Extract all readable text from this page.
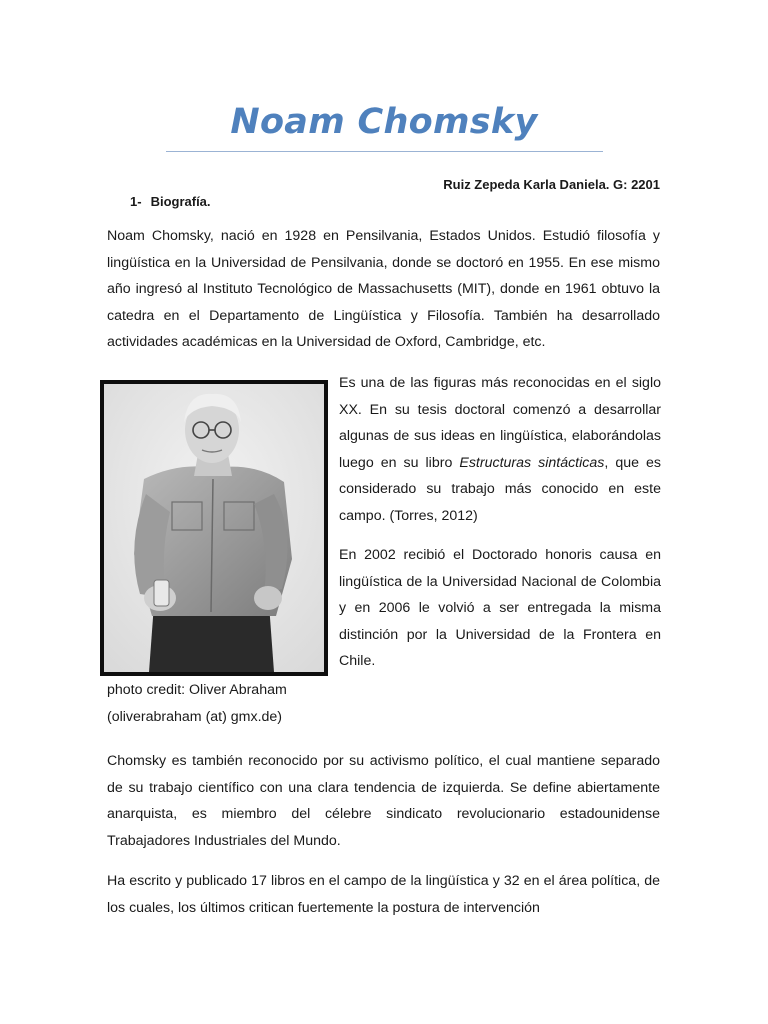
Noam Chomsky
Ruiz Zepeda Karla Daniela. G: 2201
1- Biografía.

Noam Chomsky, nació en 1928 en Pensilvania, Estados Unidos. Estudió filosofía y lingüística en la Universidad de Pensilvania, donde se doctoró en 1955. En ese mismo año ingresó al Instituto Tecnológico de Massachusetts (MIT), donde en 1961 obtuvo la catedra en el Departamento de Lingüística y Filosofía. También ha desarrollado actividades académicas en la Universidad de Oxford, Cambridge, etc.

Es una de las figuras más reconocidas en el siglo XX. En su tesis doctoral comenzó a desarrollar algunas de sus ideas en lingüística, elaborándolas luego en su libro Estructuras sintácticas, que es considerado su trabajo más conocido en este campo. (Torres, 2012)

En 2002 recibió el Doctorado honoris causa en lingüística de la Universidad Nacional de Colombia y en 2006 le volvió a ser entregada la misma distinción por la Universidad de la Frontera en Chile.

photo credit: Oliver Abraham
(oliverabraham (at) gmx.de)

Chomsky es también reconocido por su activismo político, el cual mantiene separado de su trabajo científico con una clara tendencia de izquierda. Se define abiertamente anarquista, es miembro del célebre sindicato revolucionario estadounidense Trabajadores Industriales del Mundo.

Ha escrito y publicado 17 libros en el campo de la lingüística y 32 en el área política, de los cuales, los últimos critican fuertemente la postura de intervención
